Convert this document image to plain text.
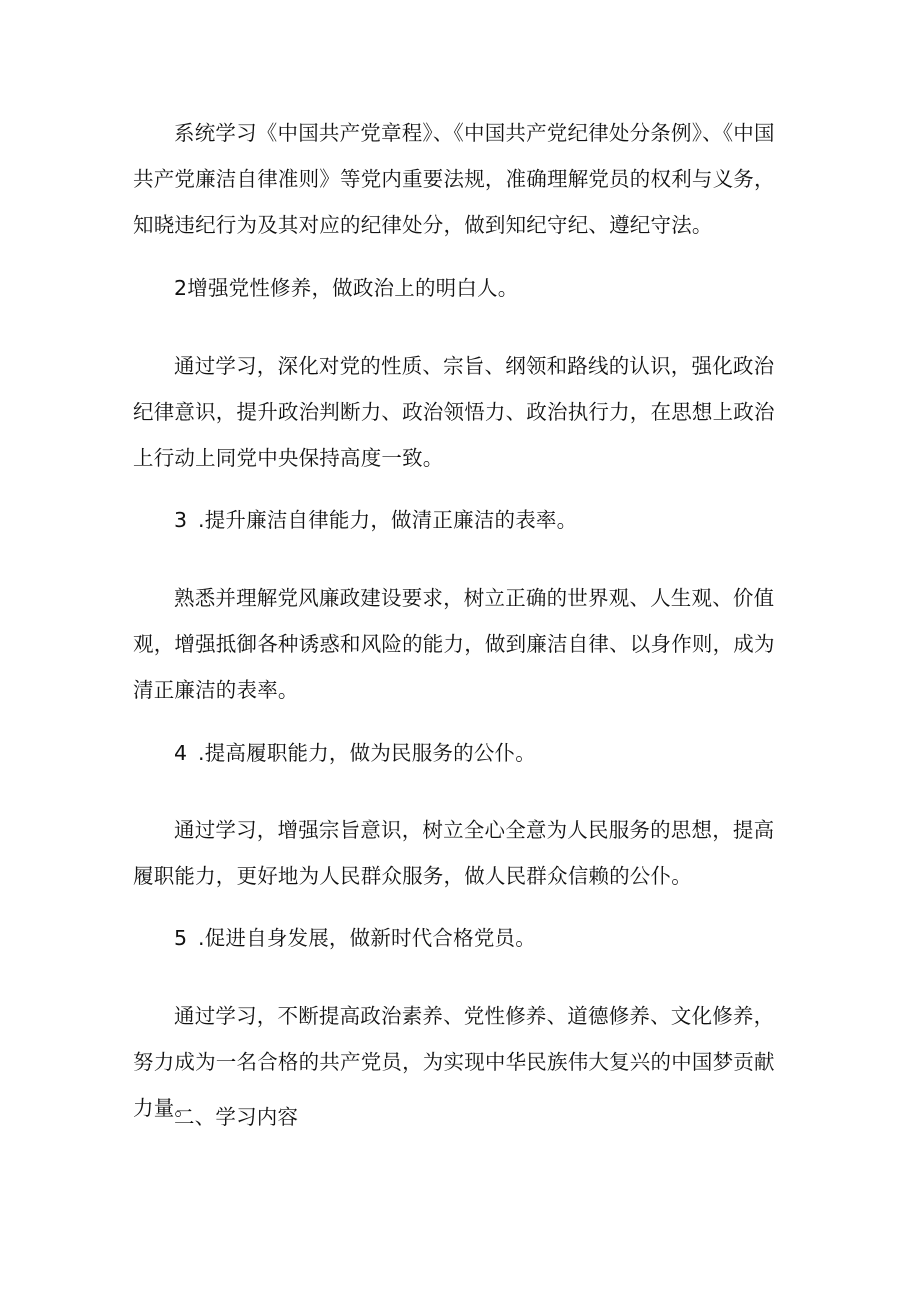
系统学习《中国共产党章程》、《中国共产党纪律处分条例》、《中国共产党廉洁自律准则》等党内重要法规，准确理解党员的权利与义务，知晓违纪行为及其对应的纪律处分，做到知纪守纪、遵纪守法。

2增强党性修养，做政治上的明白人。

通过学习，深化对党的性质、宗旨、纲领和路线的认识，强化政治纪律意识，提升政治判断力、政治领悟力、政治执行力，在思想上政治上行动上同党中央保持高度一致。

3 .提升廉洁自律能力，做清正廉洁的表率。

熟悉并理解党风廉政建设要求，树立正确的世界观、人生观、价值观，增强抵御各种诱惑和风险的能力，做到廉洁自律、以身作则，成为清正廉洁的表率。

4 .提高履职能力，做为民服务的公仆。

通过学习，增强宗旨意识，树立全心全意为人民服务的思想，提高履职能力，更好地为人民群众服务，做人民群众信赖的公仆。

5 .促进自身发展，做新时代合格党员。

通过学习，不断提高政治素养、党性修养、道德修养、文化修养，努力成为一名合格的共产党员，为实现中华民族伟大复兴的中国梦贡献力量。

二、学习内容
